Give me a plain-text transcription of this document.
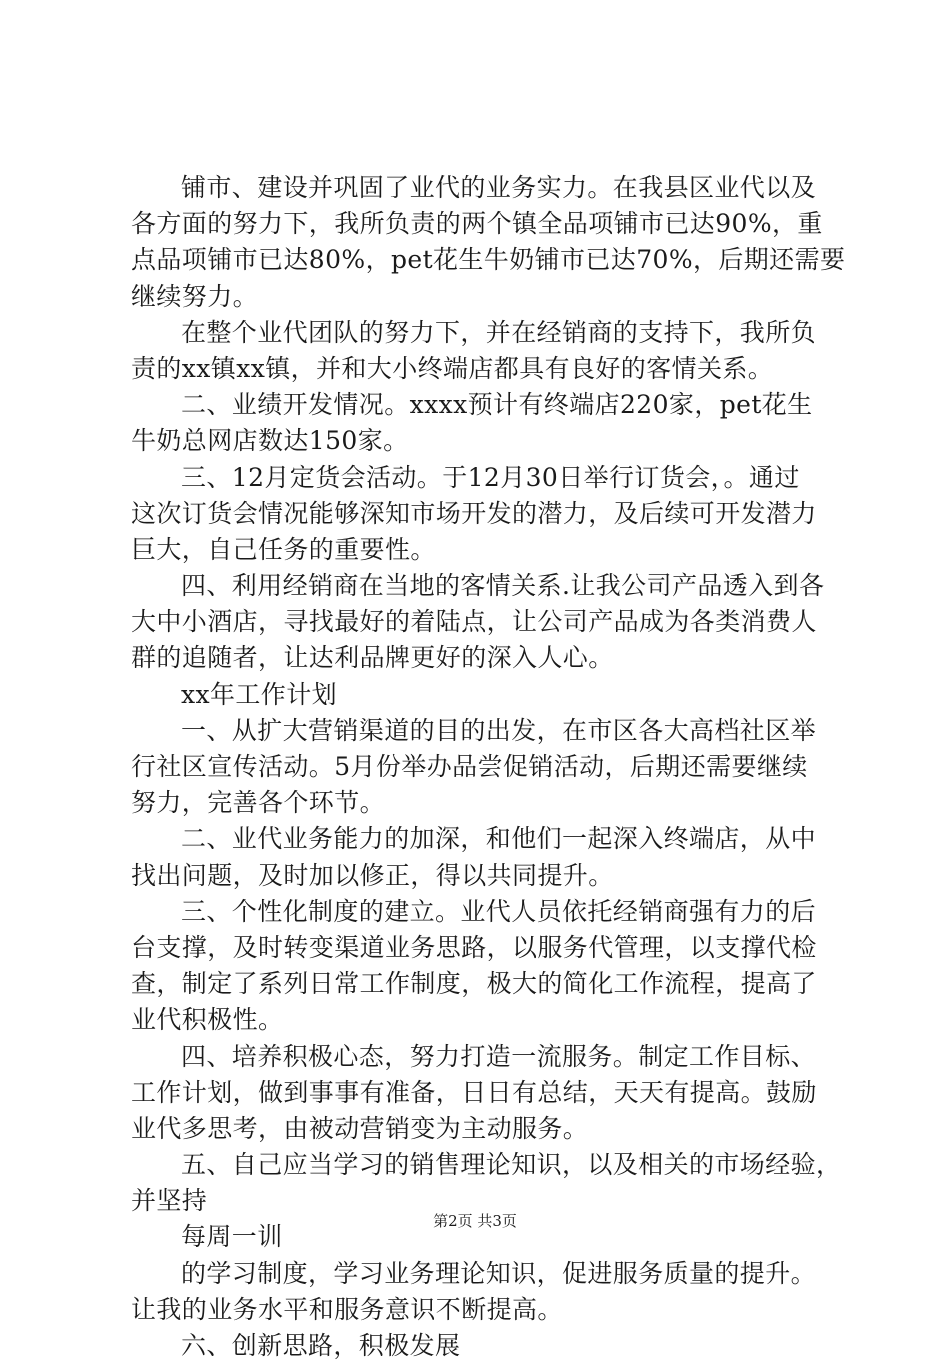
铺市、建设并巩固了业代的业务实力。在我县区业代以及
各方面的努力下，我所负责的两个镇全品项铺市已达90%，重
点品项铺市已达80%，pet花生牛奶铺市已达70%，后期还需要
继续努力。
在整个业代团队的努力下，并在经销商的支持下，我所负
责的xx镇xx镇，并和大小终端店都具有良好的客情关系。
二、业绩开发情况。xxxx预计有终端店220家，pet花生
牛奶总网店数达150家。
三、12月定货会活动。于12月30日举行订货会，。通过
这次订货会情况能够深知市场开发的潜力，及后续可开发潜力
巨大，自己任务的重要性。
四、利用经销商在当地的客情关系.让我公司产品透入到各
大中小酒店，寻找最好的着陆点，让公司产品成为各类消费人
群的追随者，让达利品牌更好的深入人心。
xx年工作计划
一、从扩大营销渠道的目的出发，在市区各大高档社区举
行社区宣传活动。5月份举办品尝促销活动，后期还需要继续
努力，完善各个环节。
二、业代业务能力的加深，和他们一起深入终端店，从中
找出问题，及时加以修正，得以共同提升。
三、个性化制度的建立。业代人员依托经销商强有力的后
台支撑，及时转变渠道业务思路，以服务代管理，以支撑代检
查，制定了系列日常工作制度，极大的简化工作流程，提高了
业代积极性。
四、培养积极心态，努力打造一流服务。制定工作目标、
工作计划，做到事事有准备，日日有总结，天天有提高。鼓励
业代多思考，由被动营销变为主动服务。
五、自己应当学习的销售理论知识，以及相关的市场经验，
并坚持
每周一训
的学习制度，学习业务理论知识，促进服务质量的提升。
让我的业务水平和服务意识不断提高。
六、创新思路，积极发展
第2页 共3页
